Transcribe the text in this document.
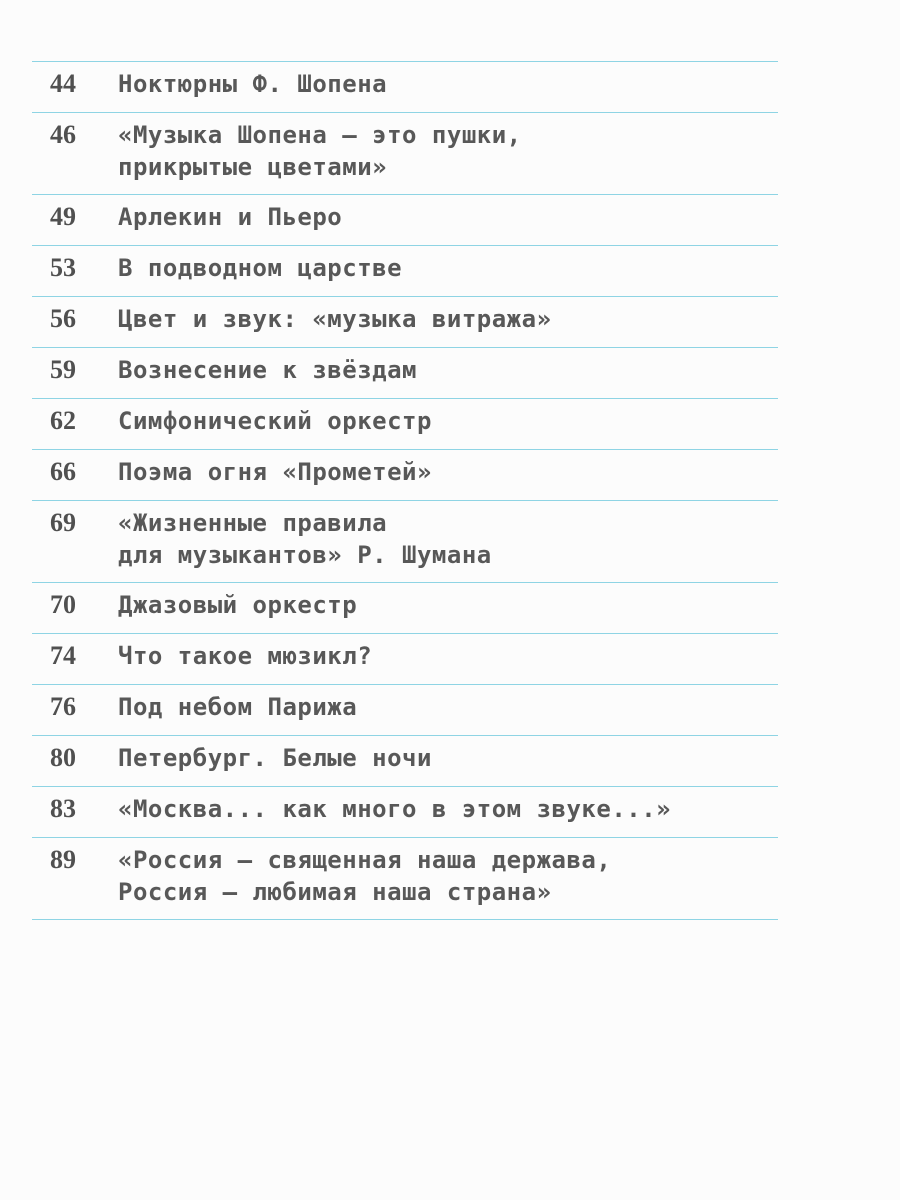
44	Ноктюрны Ф. Шопена
46	«Музыка Шопена — это пушки,
прикрытые цветами»
49	Арлекин и Пьеро
53	В подводном царстве
56	Цвет и звук: «музыка витража»
59	Вознесение к звёздам
62	Симфонический оркестр
66	Поэма огня «Прометей»
69	«Жизненные правила
для музыкантов» Р. Шумана
70	Джазовый оркестр
74	Что такое мюзикл?
76	Под небом Парижа
80	Петербург. Белые ночи
83	«Москва... как много в этом звуке...»
89	«Россия — священная наша держава,
Россия — любимая наша страна»
